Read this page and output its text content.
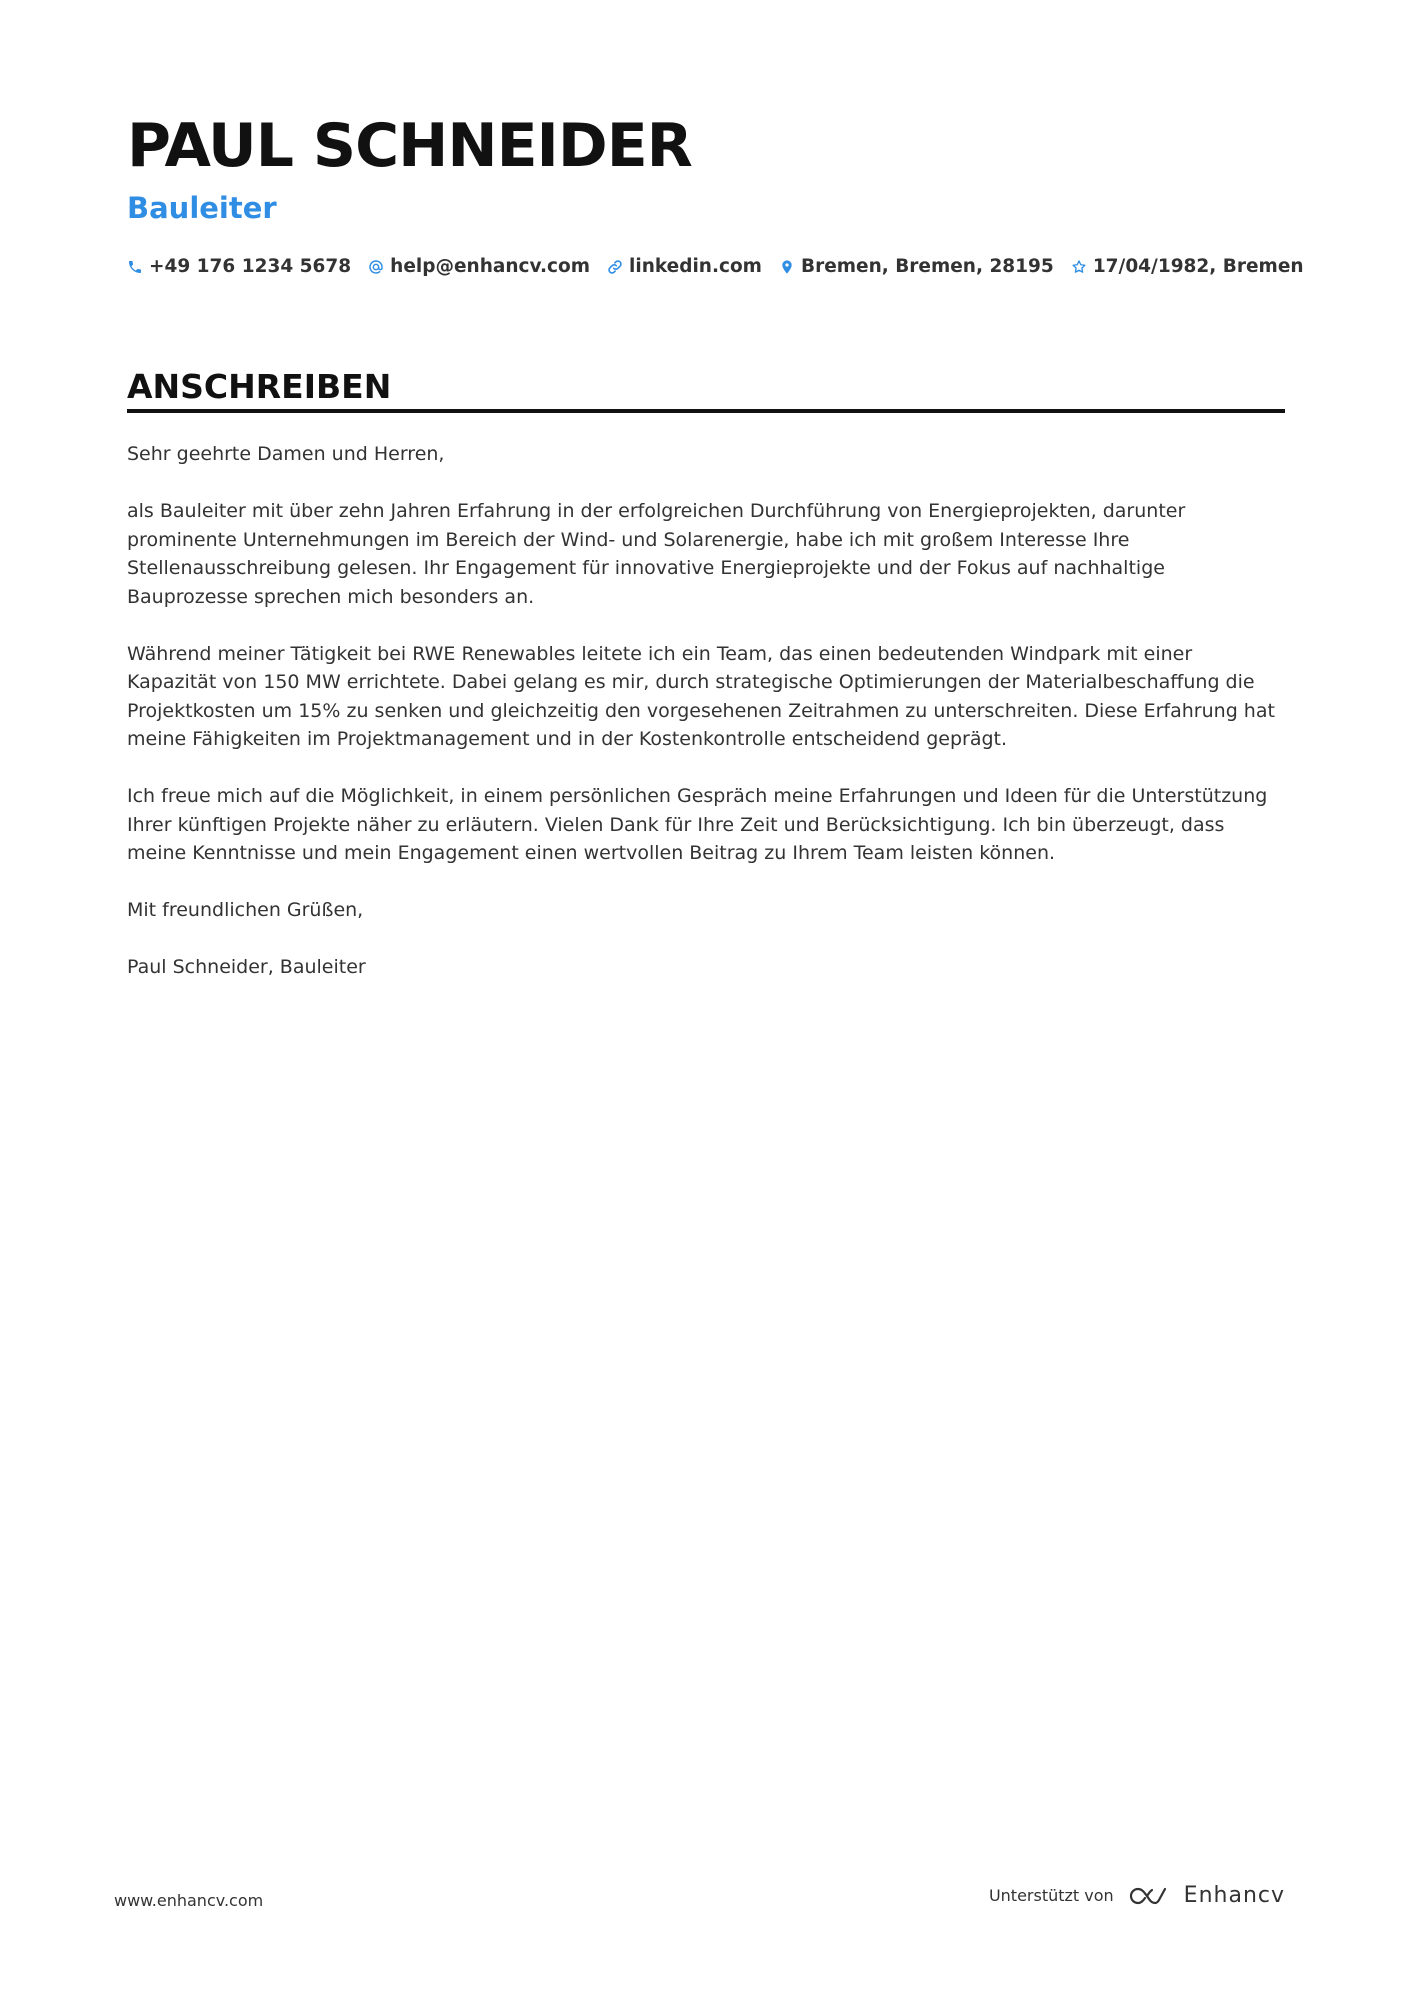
PAUL SCHNEIDER
Bauleiter
+49 176 1234 5678 help@enhancv.com linkedin.com Bremen, Bremen, 28195 17/04/1982, Bremen
ANSCHREIBEN

Sehr geehrte Damen und Herren,

als Bauleiter mit über zehn Jahren Erfahrung in der erfolgreichen Durchführung von Energieprojekten, darunter prominente Unternehmungen im Bereich der Wind- und Solarenergie, habe ich mit großem Interesse Ihre Stellenausschreibung gelesen. Ihr Engagement für innovative Energieprojekte und der Fokus auf nachhaltige Bauprozesse sprechen mich besonders an.

Während meiner Tätigkeit bei RWE Renewables leitete ich ein Team, das einen bedeutenden Windpark mit einer Kapazität von 150 MW errichtete. Dabei gelang es mir, durch strategische Optimierungen der Materialbeschaffung die Projektkosten um 15% zu senken und gleichzeitig den vorgesehenen Zeitrahmen zu unterschreiten. Diese Erfahrung hat meine Fähigkeiten im Projektmanagement und in der Kostenkontrolle entscheidend geprägt.

Ich freue mich auf die Möglichkeit, in einem persönlichen Gespräch meine Erfahrungen und Ideen für die Unterstützung Ihrer künftigen Projekte näher zu erläutern. Vielen Dank für Ihre Zeit und Berücksichtigung. Ich bin überzeugt, dass meine Kenntnisse und mein Engagement einen wertvollen Beitrag zu Ihrem Team leisten können.

Mit freundlichen Grüßen,

Paul Schneider, Bauleiter

www.enhancv.com	Unterstützt von	Enhancv
